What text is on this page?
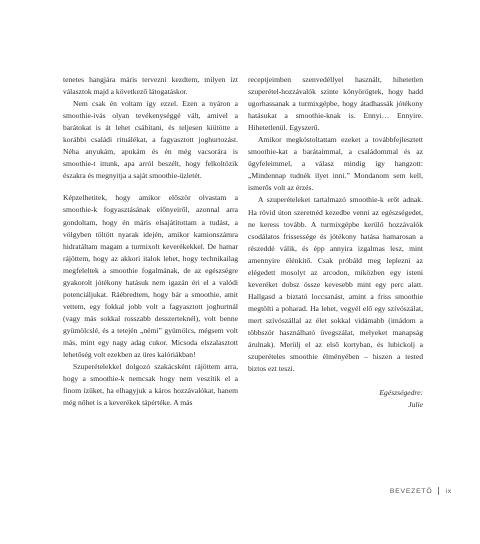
tenetes hangjára máris tervezni kezdtem, milyen ízt választok majd a következő látogatáskor.

Nem csak én voltam így ezzel. Ezen a nyáron a smoothie-ivás olyan tevékenységgé vált, amivel a barátokat is át lehet csábítani, és teljesen kiütötte a korábbi családi rituálékat, a fagyasztott joghurtozást. Néha anyukám, apukám és én még vacsorára is smoothie-t ittunk, apa arról beszélt, hogy felkoltözik északra és megnyitja a saját smoothie-üzletét.

Képzelhetitek, hogy amikor először olvastam a smoothie-k fogyasztásának előnyeiről, azonnal arra gondoltam, hogy én máris elsajátítottam a tudást, a völgyben töltött nyarak idején, amikor kamionszámra hidratáltam magam a turmixolt keverékekkel. De hamar rájöttem, hogy az akkori italok lehet, hogy technikailag megfeleltek a smoothie fogalmának, de az egészségre gyakorolt jótékony hatásuk nem igazán éri el a valódi potenciáljukat. Ráébredtem, hogy bár a smoothie, amit vettem, egy fokkal jobb volt a fagyasztott joghurtnál (vagy más sokkal rosszabb desszerteknél), volt benne gyümölcslé, és a tetején „némi” gyümölcs, mégsem volt más, mint egy nagy adag cukor. Micsoda elszalasztott lehetőség volt ezekben az üres kalóriákban!

Szuperételekkel dolgozó szakácsként rájöttem arra, hogy a smoothie-k nemcsak hogy nem veszítik el a finom ízüket, ha elhagyjuk a káros hozzávalókat, hanem még nőhet is a keverékek tápértéke. A más

receptjeimben szenvedéllyel használt, hihetetlen szuperétel-hozzávalók szinte könyörögtek, hogy hadd ugorhassanak a turmixgépbe, hogy átadhassák jótékony hatásukat a smoothie-knak is. Ennyi… Ennyire. Hihetetlenül. Egyszerű.

Amikor megkóstoltattam ezeket a továbbfejlesztett smoothie-kat a barátaimmal, a családommal és az ügyfeleimmel, a válasz mindig így hangzott: „Mindennap tudnék ilyet inni.” Mondanom sem kell, ismerős volt az érzés.

A szuperételeket tartalmazó smoothie-k erőt adnak. Ha rövid úton szeretnéd kezedbe venni az egészségedet, ne keress tovább. A turmixgépbe kerülő hozzávalók csodálatos frissessége és jótékony hatása hamarosan a részeddé válik, és épp annyira izgalmas lesz, mint amennyire élénkítő. Csak próbáld meg leplezni az elégedett mosolyt az arcodon, miközben egy isteni keveréket dobsz össze kevesebb mint egy perc alatt. Hallgasd a biztató loccsanást, amint a friss smoothie megtölti a poharad. Ha lehet, vegyél elő egy szívószálat, mert szívószállal az élet sokkal vidámabb (imádom a többször használható üvegszálat, melyeket manapság árulnak). Merülj el az első kortyban, és lubickolj a szuperételes smoothie élményében – hiszen a tested biztos ezt teszi.

Egészségedre:
Julie
BEVEZETŐ ix
